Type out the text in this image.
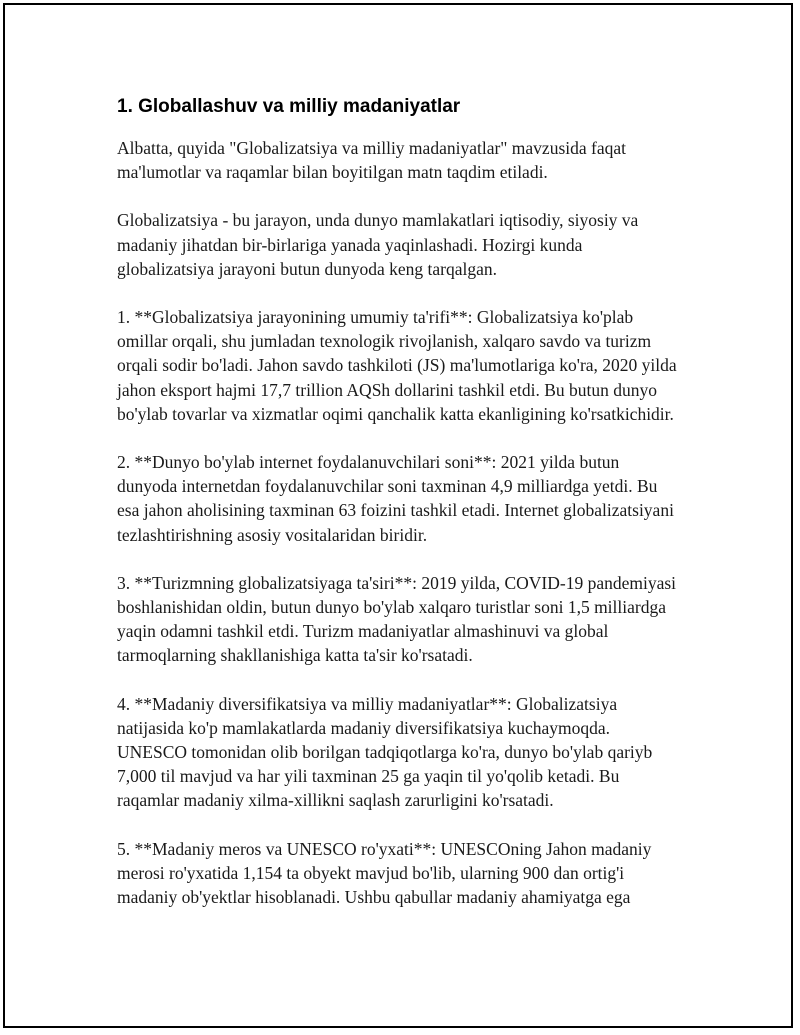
1. Globallashuv va milliy madaniyatlar

Albatta, quyida "Globalizatsiya va milliy madaniyatlar" mavzusida faqat ma'lumotlar va raqamlar bilan boyitilgan matn taqdim etiladi.

Globalizatsiya - bu jarayon, unda dunyo mamlakatlari iqtisodiy, siyosiy va madaniy jihatdan bir-birlariga yanada yaqinlashadi. Hozirgi kunda globalizatsiya jarayoni butun dunyoda keng tarqalgan.

1. **Globalizatsiya jarayonining umumiy ta'rifi**: Globalizatsiya ko'plab omillar orqali, shu jumladan texnologik rivojlanish, xalqaro savdo va turizm orqali sodir bo'ladi. Jahon savdo tashkiloti (JS) ma'lumotlariga ko'ra, 2020 yilda jahon eksport hajmi 17,7 trillion AQSh dollarini tashkil etdi. Bu butun dunyo bo'ylab tovarlar va xizmatlar oqimi qanchalik katta ekanligining ko'rsatkichidir.

2. **Dunyo bo'ylab internet foydalanuvchilari soni**: 2021 yilda butun dunyoda internetdan foydalanuvchilar soni taxminan 4,9 milliardga yetdi. Bu esa jahon aholisining taxminan 63 foizini tashkil etadi. Internet globalizatsiyani tezlashtirishning asosiy vositalaridan biridir.

3. **Turizmning globalizatsiyaga ta'siri**: 2019 yilda, COVID-19 pandemiyasi boshlanishidan oldin, butun dunyo bo'ylab xalqaro turistlar soni 1,5 milliardga yaqin odamni tashkil etdi. Turizm madaniyatlar almashinuvi va global tarmoqlarning shakllanishiga katta ta'sir ko'rsatadi.

4. **Madaniy diversifikatsiya va milliy madaniyatlar**: Globalizatsiya natijasida ko'p mamlakatlarda madaniy diversifikatsiya kuchaymoqda. UNESCO tomonidan olib borilgan tadqiqotlarga ko'ra, dunyo bo'ylab qariyb 7,000 til mavjud va har yili taxminan 25 ga yaqin til yo'qolib ketadi. Bu raqamlar madaniy xilma-xillikni saqlash zarurligini ko'rsatadi.

5. **Madaniy meros va UNESCO ro'yxati**: UNESCOning Jahon madaniy merosi ro'yxatida 1,154 ta obyekt mavjud bo'lib, ularning 900 dan ortig'i madaniy ob'yektlar hisoblanadi. Ushbu qabullar madaniy ahamiyatga ega
